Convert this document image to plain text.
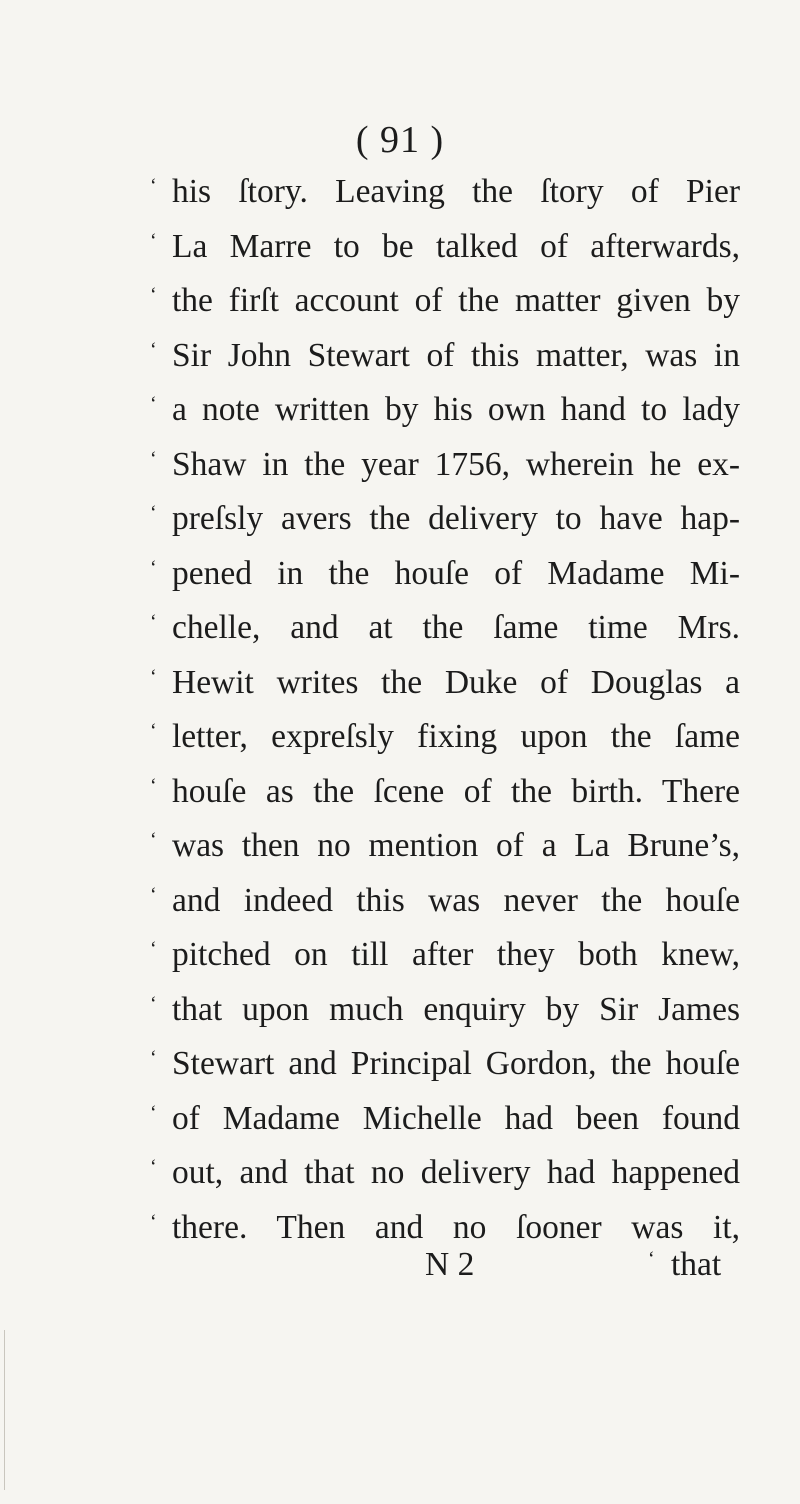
( 91 )
‘ his ſtory. Leaving the ſtory of Pier
‘ La Marre to be talked of afterwards,
‘ the firſt account of the matter given by
‘ Sir John Stewart of this matter, was in
‘ a note written by his own hand to lady
‘ Shaw in the year 1756, wherein he ex-
‘ preſsly avers the delivery to have hap-
‘ pened in the houſe of Madame Mi-
‘ chelle, and at the ſame time Mrs.
‘ Hewit writes the Duke of Douglas a
‘ letter, expreſsly fixing upon the ſame
‘ houſe as the ſcene of the birth. There
‘ was then no mention of a La Brune’s,
‘ and indeed this was never the houſe
‘ pitched on till after they both knew,
‘ that upon much enquiry by Sir James
‘ Stewart and Principal Gordon, the houſe
‘ of Madame Michelle had been found
‘ out, and that no delivery had happened
‘ there. Then and no ſooner was it,
N 2	‘ that
